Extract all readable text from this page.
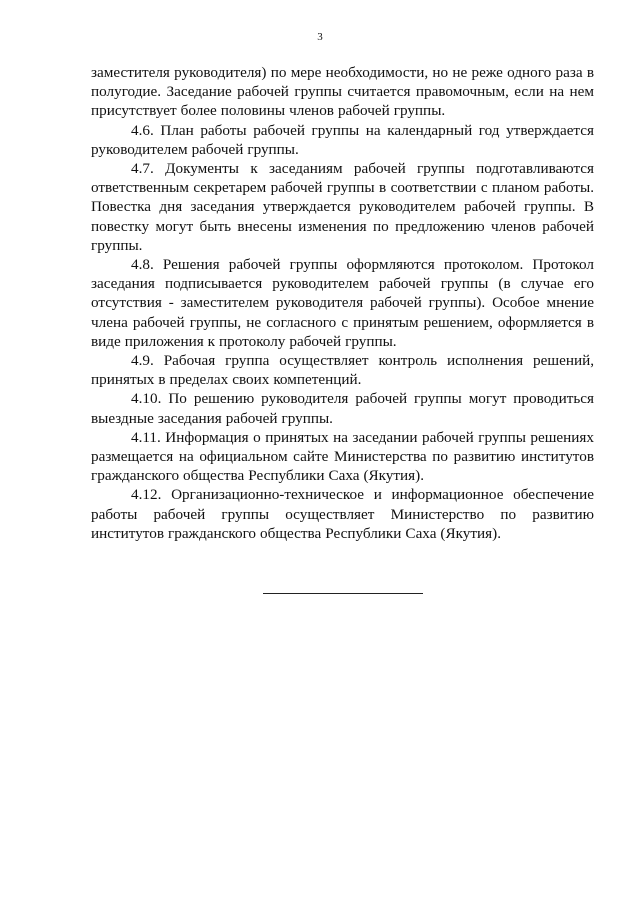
3

заместителя руководителя) по мере необходимости, но не реже одного раза в полугодие. Заседание рабочей группы считается правомочным, если на нем присутствует более половины членов рабочей группы.

4.6. План работы рабочей группы на календарный год утверждается руководителем рабочей группы.

4.7. Документы к заседаниям рабочей группы подготавливаются ответственным секретарем рабочей группы в соответствии с планом работы. Повестка дня заседания утверждается руководителем рабочей группы. В повестку могут быть внесены изменения по предложению членов рабочей группы.

4.8. Решения рабочей группы оформляются протоколом. Протокол заседания подписывается руководителем рабочей группы (в случае его отсутствия - заместителем руководителя рабочей группы). Особое мнение члена рабочей группы, не согласного с принятым решением, оформляется в виде приложения к протоколу рабочей группы.

4.9. Рабочая группа осуществляет контроль исполнения решений, принятых в пределах своих компетенций.

4.10. По решению руководителя рабочей группы могут проводиться выездные заседания рабочей группы.

4.11. Информация о принятых на заседании рабочей группы решениях размещается на официальном сайте Министерства по развитию институтов гражданского общества Республики Саха (Якутия).

4.12. Организационно-техническое и информационное обеспечение работы рабочей группы осуществляет Министерство по развитию институтов гражданского общества Республики Саха (Якутия).
